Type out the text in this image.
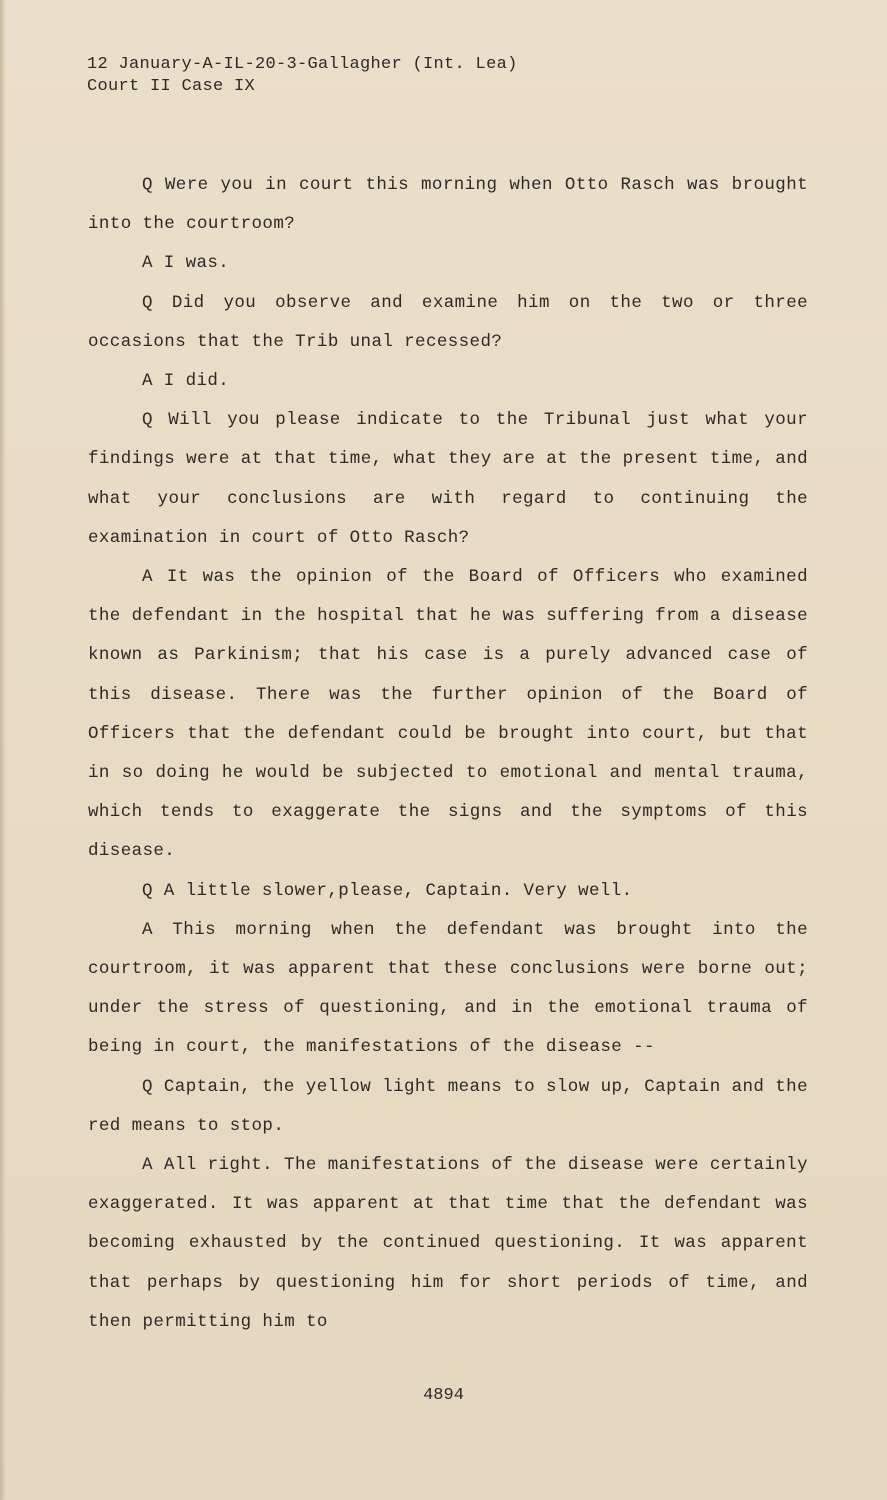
12 January-A-IL-20-3-Gallagher (Int. Lea)
Court II Case IX

Q Were you in court this morning when Otto Rasch was brought into the courtroom?

A I was.

Q Did you observe and examine him on the two or three occasions that the Trib unal recessed?

A I did.

Q Will you please indicate to the Tribunal just what your findings were at that time, what they are at the present time, and what your conclusions are with regard to continuing the examination in court of Otto Rasch?

A It was the opinion of the Board of Officers who examined the defendant in the hospital that he was suffering from a disease known as Parkinism; that his case is a purely advanced case of this disease. There was the further opinion of the Board of Officers that the defendant could be brought into court, but that in so doing he would be subjected to emotional and mental trauma, which tends to exaggerate the signs and the symptoms of this disease.

Q A little slower,please, Captain. Very well.

A This morning when the defendant was brought into the courtroom, it was apparent that these conclusions were borne out; under the stress of questioning, and in the emotional trauma of being in court, the manifestations of the disease --

Q Captain, the yellow light means to slow up, Captain and the red means to stop.

A All right. The manifestations of the disease were certainly exaggerated. It was apparent at that time that the defendant was becoming exhausted by the continued questioning. It was apparent that perhaps by questioning him for short periods of time, and then permitting him to

4894
